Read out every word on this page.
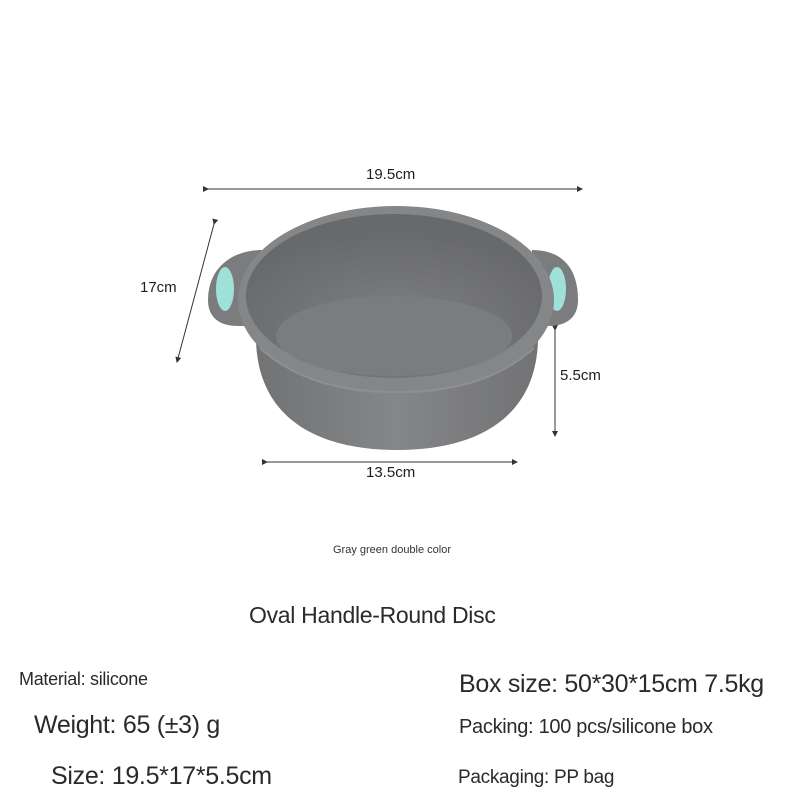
19.5cm
17cm
5.5cm
13.5cm
Gray green double color
Oval Handle-Round Disc
Material: silicone
Weight: 65 (±3) g
Size: 19.5*17*5.5cm
Box size: 50*30*15cm 7.5kg
Packing: 100 pcs/silicone box
Packaging: PP bag
